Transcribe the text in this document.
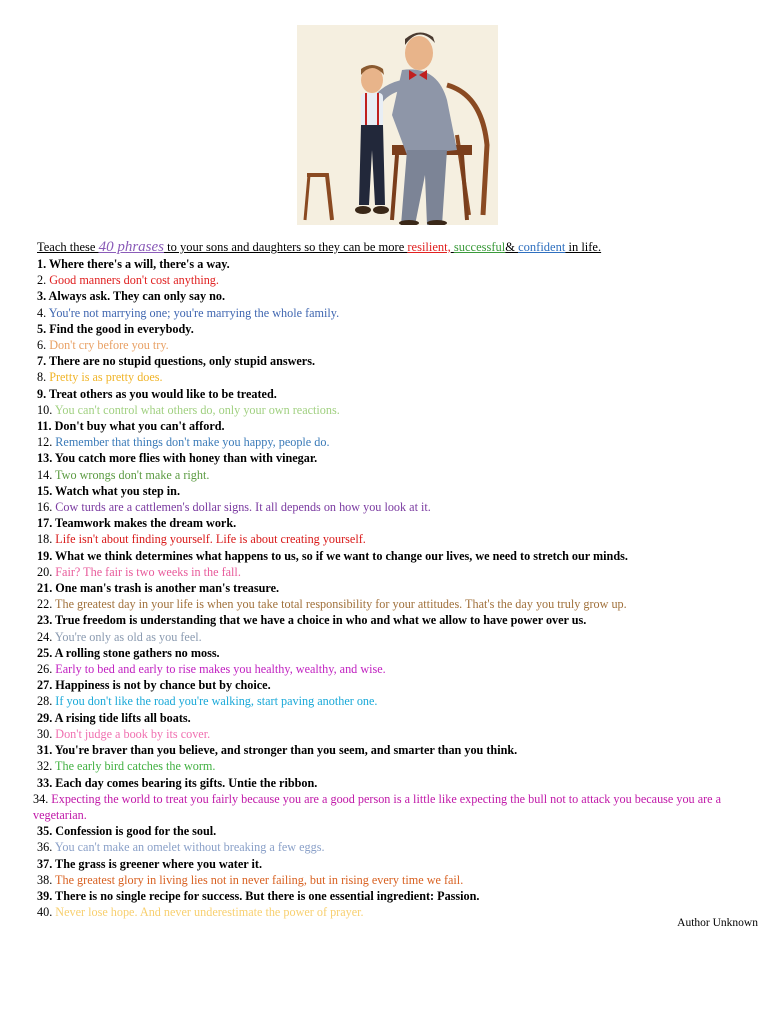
Teach these 40 phrases to your sons and daughters so they can be more resilient, successful& confident in life.
1. Where there's a will, there's a way.
2. Good manners don't cost anything.
3. Always ask. They can only say no.
4. You're not marrying one; you're marrying the whole family.
5. Find the good in everybody.
6. Don't cry before you try.
7. There are no stupid questions, only stupid answers.
8. Pretty is as pretty does.
9. Treat others as you would like to be treated.
10. You can't control what others do, only your own reactions.
11. Don't buy what you can't afford.
12. Remember that things don't make you happy, people do.
13. You catch more flies with honey than with vinegar.
14. Two wrongs don't make a right.
15. Watch what you step in.
16. Cow turds are a cattlemen's dollar signs. It all depends on how you look at it.
17. Teamwork makes the dream work.
18. Life isn't about finding yourself. Life is about creating yourself.
19. What we think determines what happens to us, so if we want to change our lives, we need to stretch our minds.
20. Fair? The fair is two weeks in the fall.
21. One man's trash is another man's treasure.
22. The greatest day in your life is when you take total responsibility for your attitudes. That's the day you truly grow up.
23. True freedom is understanding that we have a choice in who and what we allow to have power over us.
24. You're only as old as you feel.
25. A rolling stone gathers no moss.
26. Early to bed and early to rise makes you healthy, wealthy, and wise.
27. Happiness is not by chance but by choice.
28. If you don't like the road you're walking, start paving another one.
29. A rising tide lifts all boats.
30. Don't judge a book by its cover.
31. You're braver than you believe, and stronger than you seem, and smarter than you think.
32. The early bird catches the worm.
33. Each day comes bearing its gifts. Untie the ribbon.
34. Expecting the world to treat you fairly because you are a good person is a little like expecting the bull not to attack you because you are a vegetarian.
35. Confession is good for the soul.
36. You can't make an omelet without breaking a few eggs.
37. The grass is greener where you water it.
38. The greatest glory in living lies not in never failing, but in rising every time we fail.
39. There is no single recipe for success. But there is one essential ingredient: Passion.
40. Never lose hope. And never underestimate the power of prayer.
Author Unknown
